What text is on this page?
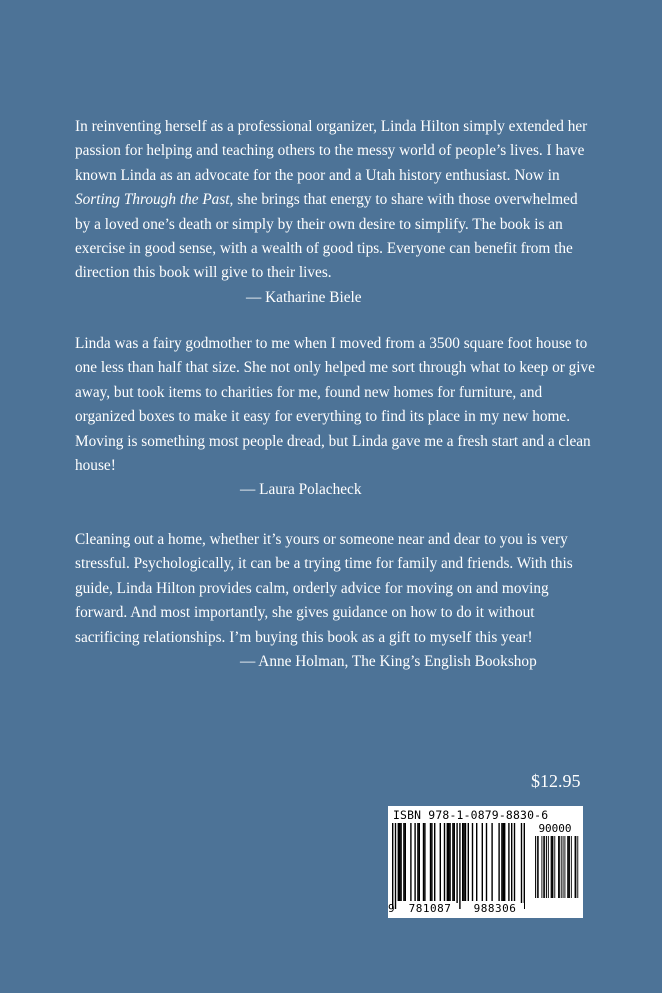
In reinventing herself as a professional organizer, Linda Hilton simply extended her passion for helping and teaching others to the messy world of people’s lives. I have known Linda as an advocate for the poor and a Utah history enthusiast. Now in Sorting Through the Past, she brings that energy to share with those overwhelmed by a loved one’s death or simply by their own desire to simplify. The book is an exercise in good sense, with a wealth of good tips. Everyone can benefit from the direction this book will give to their lives.

— Katharine Biele

Linda was a fairy godmother to me when I moved from a 3500 square foot house to one less than half that size. She not only helped me sort through what to keep or give away, but took items to charities for me, found new homes for furniture, and organized boxes to make it easy for everything to find its place in my new home. Moving is something most people dread, but Linda gave me a fresh start and a clean house!

— Laura Polacheck

Cleaning out a home, whether it’s yours or someone near and dear to you is very stressful. Psychologically, it can be a trying time for family and friends. With this guide, Linda Hilton provides calm, orderly advice for moving on and moving forward. And most importantly, she gives guidance on how to do it without sacrificing relationships. I’m buying this book as a gift to myself this year!

— Anne Holman, The King’s English Bookshop

$12.95
ISBN 978-1-0879-8830-6
90000
9	781087	988306
